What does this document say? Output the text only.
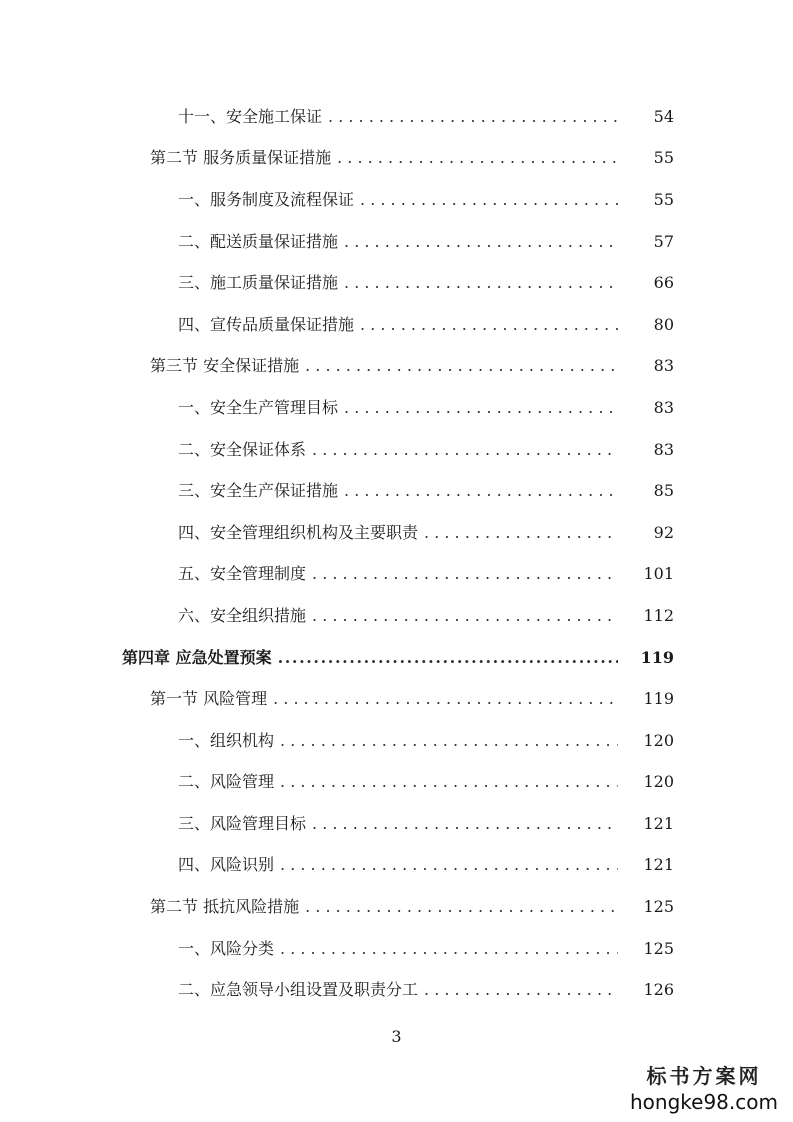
十一、安全施工保证 . . .	54
第二节 服务质量保证措施 . . .	55
一、服务制度及流程保证 . . .	55
二、配送质量保证措施 . . .	57
三、施工质量保证措施 . . .	66
四、宣传品质量保证措施 . . .	80
第三节 安全保证措施 . . .	83
一、安全生产管理目标 . . .	83
二、安全保证体系 . . .	83
三、安全生产保证措施 . . .	85
四、安全管理组织机构及主要职责 . . .	92
五、安全管理制度 . . .	101
六、安全组织措施 . . .	112
第四章 应急处置预案 .....	119
第一节 风险管理 . . .	119
一、组织机构 . . .	120
二、风险管理 . . .	120
三、风险管理目标 . . .	121
四、风险识别 . . .	121
第二节 抵抗风险措施 . . .	125
一、风险分类 . . .	125
二、应急领导小组设置及职责分工 . . .	126
3
标书方案网
hongke98.com
